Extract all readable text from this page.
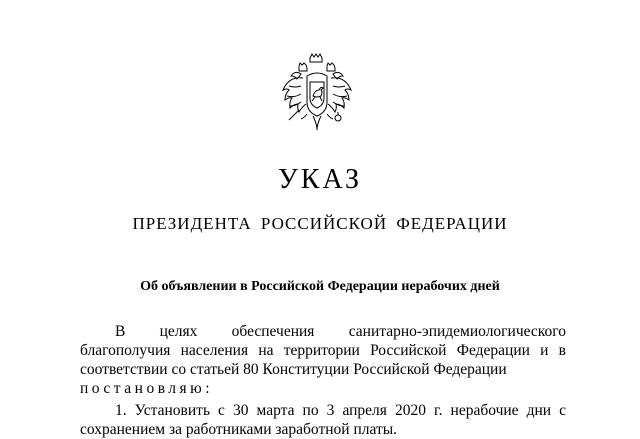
УКАЗ
ПРЕЗИДЕНТА РОССИЙСКОЙ ФЕДЕРАЦИИ
Об объявлении в Российской Федерации нерабочих дней
В целях обеспечения санитарно-эпидемиологического благополучия населения на территории Российской Федерации и в соответствии со статьей 80 Конституции Российской Федерации
постановляю:
1. Установить с 30 марта по 3 апреля 2020 г. нерабочие дни с сохранением за работниками заработной платы.
